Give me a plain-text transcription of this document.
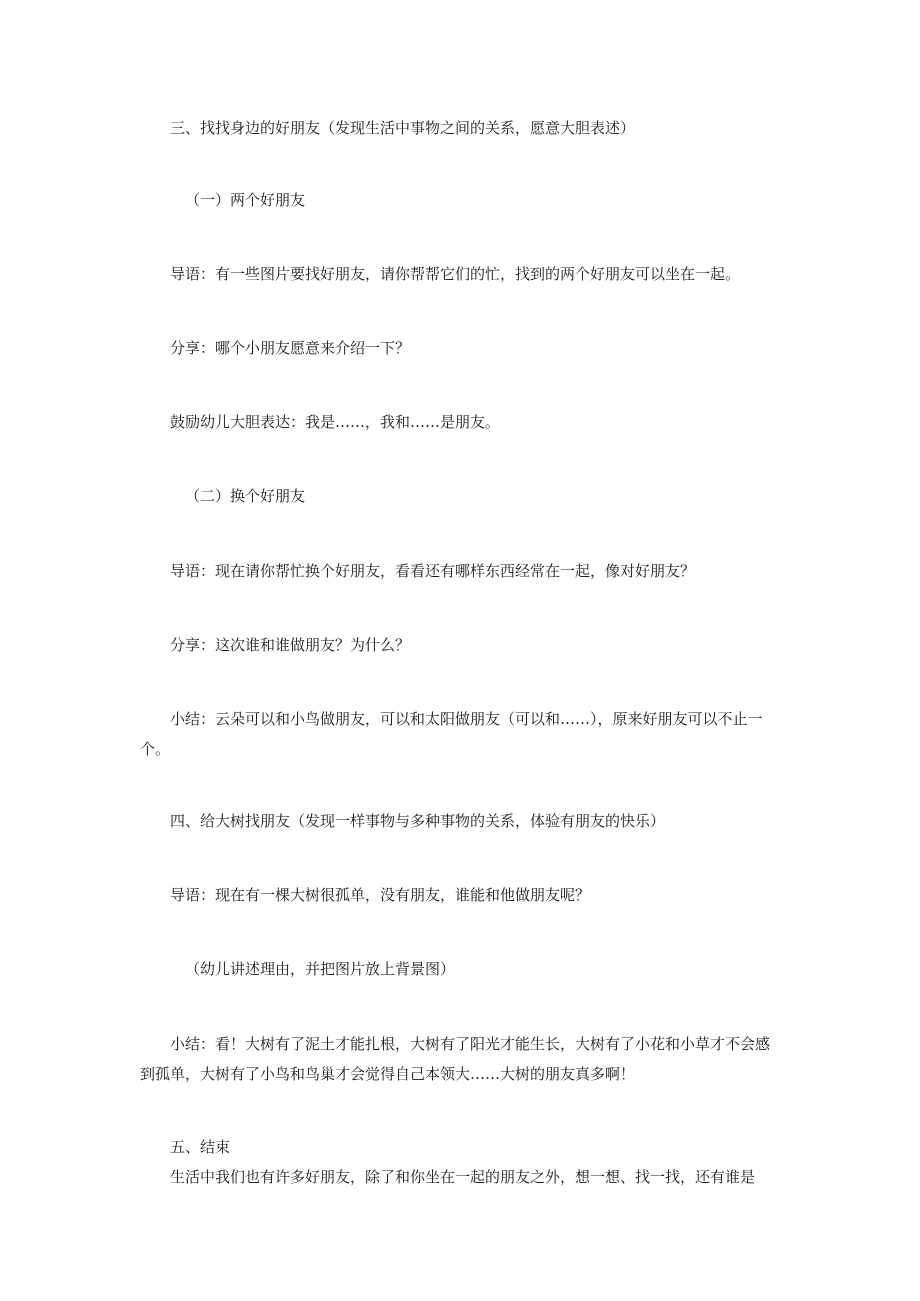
三、找找身边的好朋友（发现生活中事物之间的关系，愿意大胆表述）

（一）两个好朋友

导语：有一些图片要找好朋友，请你帮帮它们的忙，找到的两个好朋友可以坐在一起。

分享：哪个小朋友愿意来介绍一下？

鼓励幼儿大胆表达：我是……，我和……是朋友。

（二）换个好朋友

导语：现在请你帮忙换个好朋友，看看还有哪样东西经常在一起，像对好朋友？

分享：这次谁和谁做朋友？为什么？

小结：云朵可以和小鸟做朋友，可以和太阳做朋友（可以和……），原来好朋友可以不止一个。

四、给大树找朋友（发现一样事物与多种事物的关系，体验有朋友的快乐）

导语：现在有一棵大树很孤单，没有朋友，谁能和他做朋友呢？

（幼儿讲述理由，并把图片放上背景图）

小结：看！大树有了泥土才能扎根，大树有了阳光才能生长，大树有了小花和小草才不会感到孤单，大树有了小鸟和鸟巢才会觉得自己本领大……大树的朋友真多啊！

五、结束

生活中我们也有许多好朋友，除了和你坐在一起的朋友之外，想一想、找一找，还有谁是
